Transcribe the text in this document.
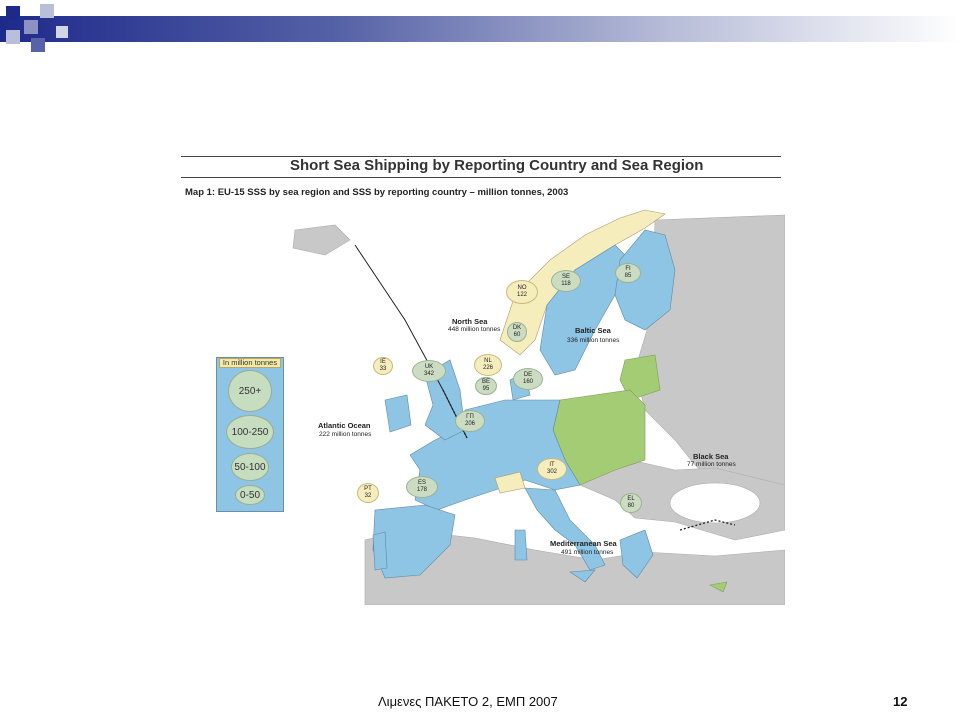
Short Sea Shipping by Reporting Country and Sea Region
Map 1: EU-15 SSS by sea region and SSS by reporting country – million tonnes, 2003
In million tonnes
250+
100-250
50-100
0-50
North Sea
448 million tonnes	Baltic Sea
336 million tonnes
Atlantic Ocean
222 million tonnes
Black Sea
77 million tonnes
Mediterranean Sea
491 million tonnes
NO
122
SE
118
FI
85
DK
60
IE
33	UK
342
NL
226
BE
95
DE
160
ΓΠ
206
IT
302
PT
32
ES
178
EL
80
Λιμενες ΠΑΚΕΤΟ 2, ΕΜΠ 2007	12
